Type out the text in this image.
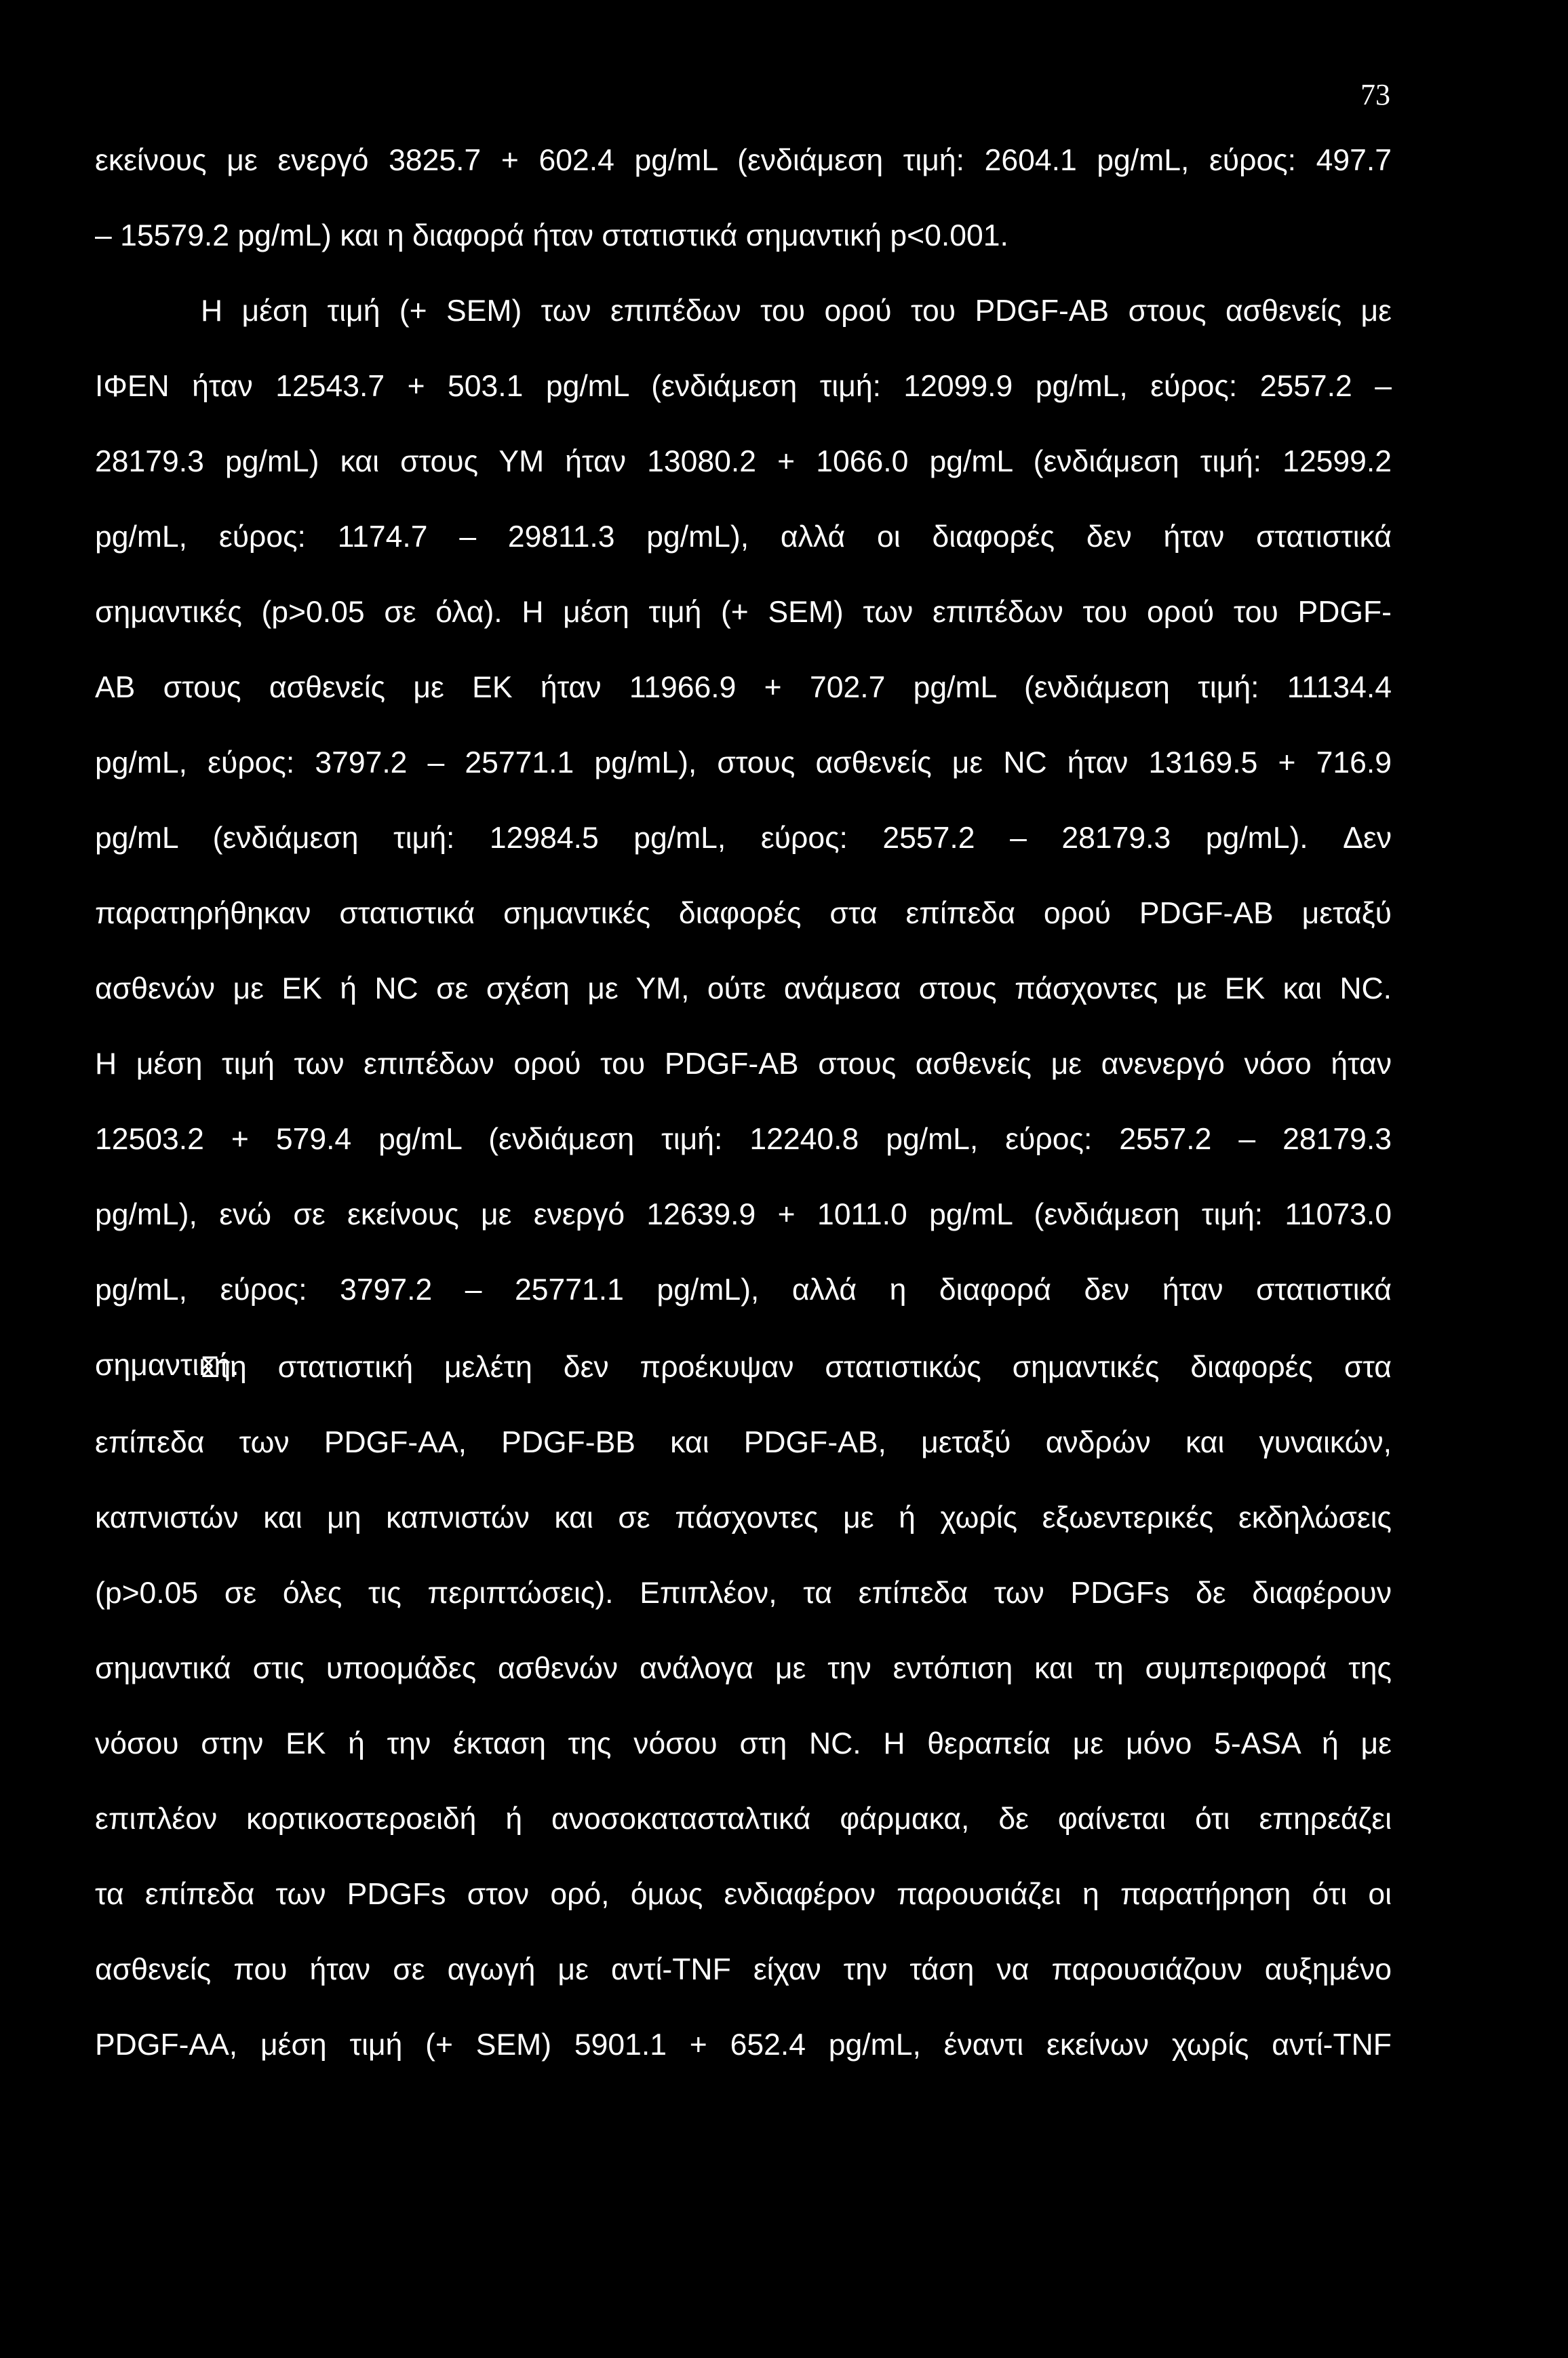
73
εκείνους με ενεργό 3825.7 + 602.4 pg/mL (ενδιάμεση τιμή: 2604.1 pg/mL, εύρος: 497.7
– 15579.2 pg/mL) και η διαφορά ήταν στατιστικά σημαντική p<0.001.
Η μέση τιμή (+ SEM) των επιπέδων του ορού του PDGF-AB στους ασθενείς με
ΙΦΕΝ ήταν 12543.7 + 503.1 pg/mL (ενδιάμεση τιμή: 12099.9 pg/mL, εύρος: 2557.2 –
28179.3 pg/mL) και στους ΥΜ ήταν 13080.2 + 1066.0 pg/mL (ενδιάμεση τιμή: 12599.2
pg/mL, εύρος: 1174.7 – 29811.3 pg/mL), αλλά οι διαφορές δεν ήταν στατιστικά
σημαντικές (p>0.05 σε όλα). Η μέση τιμή (+ SEM) των επιπέδων του ορού του PDGF-
AB στους ασθενείς με ΕΚ ήταν 11966.9 + 702.7 pg/mL (ενδιάμεση τιμή: 11134.4
pg/mL, εύρος: 3797.2 – 25771.1 pg/mL), στους ασθενείς με NC ήταν 13169.5 + 716.9
pg/mL (ενδιάμεση τιμή: 12984.5 pg/mL, εύρος: 2557.2 – 28179.3 pg/mL). Δεν
παρατηρήθηκαν στατιστικά σημαντικές διαφορές στα επίπεδα ορού PDGF-AB μεταξύ
ασθενών με ΕΚ ή NC σε σχέση με ΥΜ, ούτε ανάμεσα στους πάσχοντες με ΕΚ και NC.
Η μέση τιμή των επιπέδων ορού του PDGF-AB στους ασθενείς με ανενεργό νόσο ήταν
12503.2 + 579.4 pg/mL (ενδιάμεση τιμή: 12240.8 pg/mL, εύρος: 2557.2 – 28179.3
pg/mL), ενώ σε εκείνους με ενεργό 12639.9 + 1011.0 pg/mL (ενδιάμεση τιμή: 11073.0
pg/mL, εύρος: 3797.2 – 25771.1 pg/mL), αλλά η διαφορά δεν ήταν στατιστικά
σημαντική.
Στη στατιστική μελέτη δεν προέκυψαν στατιστικώς σημαντικές διαφορές στα
επίπεδα των PDGF-AA, PDGF-BB και PDGF-AB, μεταξύ ανδρών και γυναικών,
καπνιστών και μη καπνιστών και σε πάσχοντες με ή χωρίς εξωεντερικές εκδηλώσεις
(p>0.05 σε όλες τις περιπτώσεις). Επιπλέον, τα επίπεδα των PDGFs δε διαφέρουν
σημαντικά στις υποομάδες ασθενών ανάλογα με την εντόπιση και τη συμπεριφορά της
νόσου στην ΕΚ ή την έκταση της νόσου στη NC. Η θεραπεία με μόνο 5-ASA ή με
επιπλέον κορτικοστεροειδή ή ανοσοκατασταλτικά φάρμακα, δε φαίνεται ότι επηρεάζει
τα επίπεδα των PDGFs στον ορό, όμως ενδιαφέρον παρουσιάζει η παρατήρηση ότι οι
ασθενείς που ήταν σε αγωγή με αντί-TNF είχαν την τάση να παρουσιάζουν αυξημένο
PDGF-AA, μέση τιμή (+ SEM) 5901.1 + 652.4 pg/mL, έναντι εκείνων χωρίς αντί-TNF
